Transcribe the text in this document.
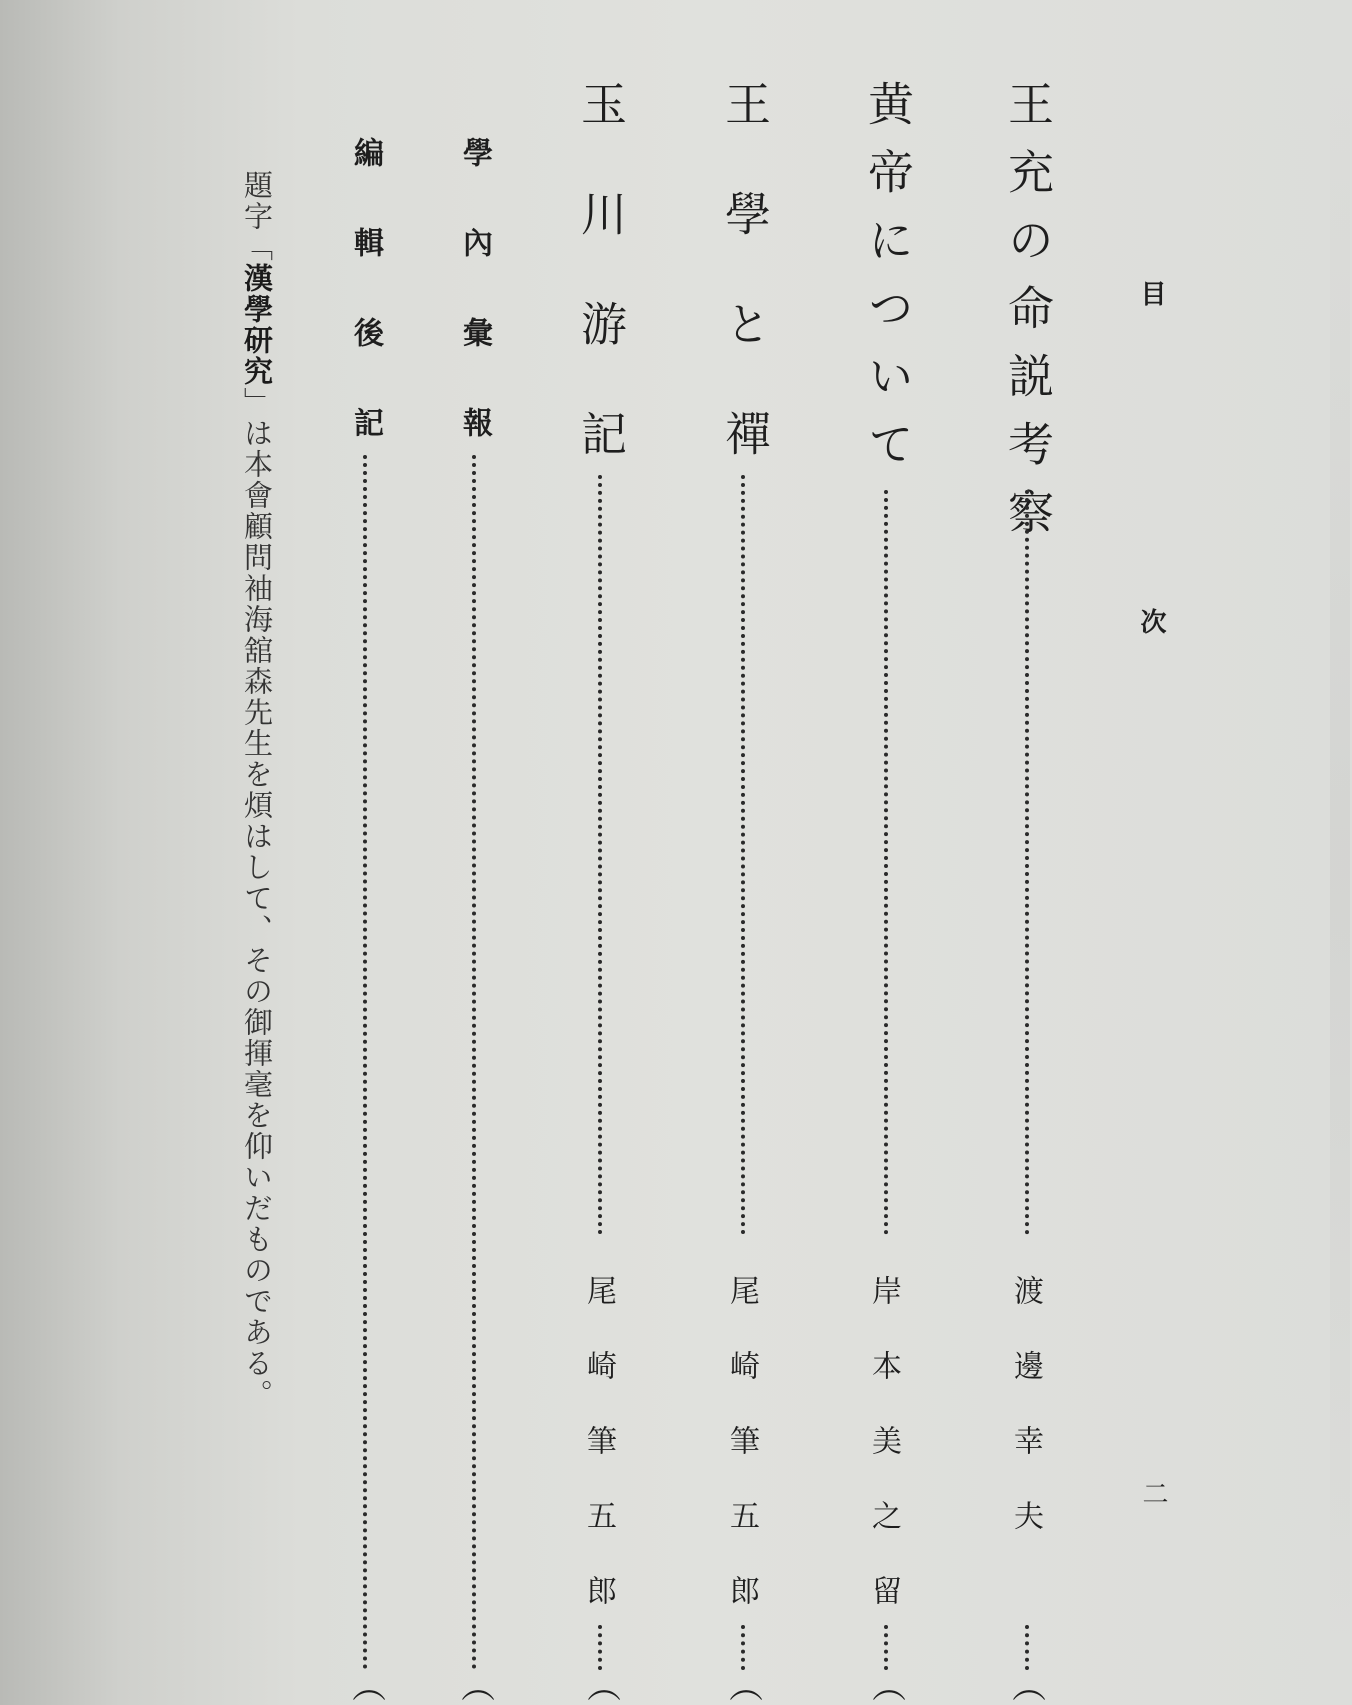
目　次
二
王充の命説考察
渡邊幸夫
（
黄帝について
岸本美之留
（
王學と禪
尾崎筆五郎
（
玉川游記
尾崎筆五郎
（
學內彙報
（
編輯後記
（
題字「漢學研究」は本會顧問袖海舘森先生を煩はして、その御揮毫を仰いだものである。
